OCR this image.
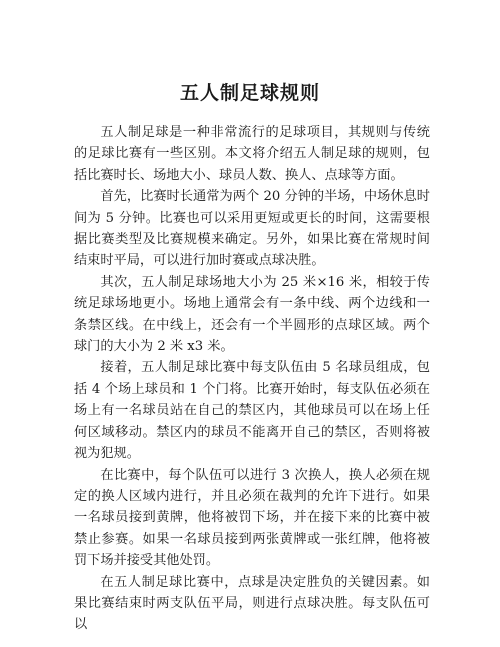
五人制足球规则

五人制足球是一种非常流行的足球项目，其规则与传统的足球比赛有一些区别。本文将介绍五人制足球的规则，包括比赛时长、场地大小、球员人数、换人、点球等方面。

首先，比赛时长通常为两个 20 分钟的半场，中场休息时间为 5 分钟。比赛也可以采用更短或更长的时间，这需要根据比赛类型及比赛规模来确定。另外，如果比赛在常规时间结束时平局，可以进行加时赛或点球决胜。

其次，五人制足球场地大小为 25 米×16 米，相较于传统足球场地更小。场地上通常会有一条中线、两个边线和一条禁区线。在中线上，还会有一个半圆形的点球区域。两个球门的大小为 2 米 x3 米。

接着，五人制足球比赛中每支队伍由 5 名球员组成，包括 4 个场上球员和 1 个门将。比赛开始时，每支队伍必须在场上有一名球员站在自己的禁区内，其他球员可以在场上任何区域移动。禁区内的球员不能离开自己的禁区，否则将被视为犯规。

在比赛中，每个队伍可以进行 3 次换人，换人必须在规定的换人区域内进行，并且必须在裁判的允许下进行。如果一名球员接到黄牌，他将被罚下场，并在接下来的比赛中被禁止参赛。如果一名球员接到两张黄牌或一张红牌，他将被罚下场并接受其他处罚。

在五人制足球比赛中，点球是决定胜负的关键因素。如果比赛结束时两支队伍平局，则进行点球决胜。每支队伍可以
